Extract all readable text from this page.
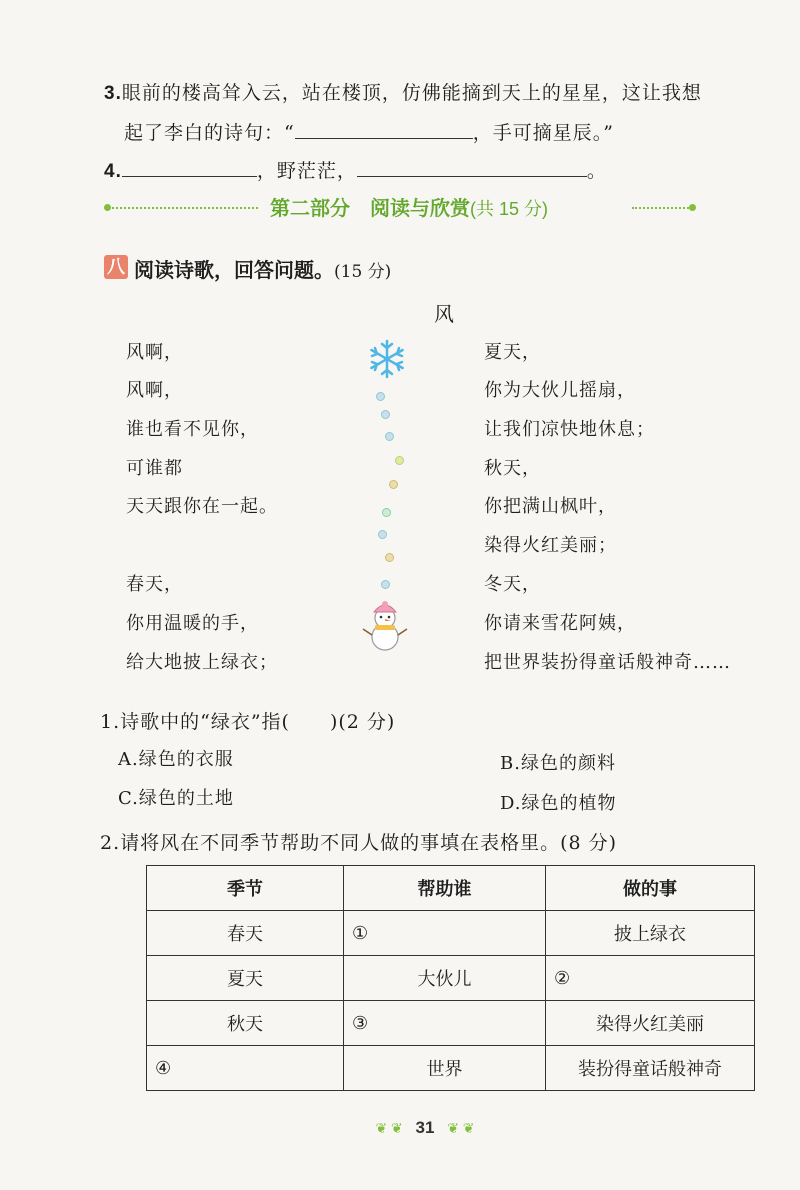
3.眼前的楼高耸入云，站在楼顶，仿佛能摘到天上的星星，这让我想
起了李白的诗句：“	，手可摘星辰。”
4.	，野茫茫，	。
第二部分　阅读与欣赏(共 15 分)
八 阅读诗歌，回答问题。(15 分)
风
风啊，
风啊，
谁也看不见你，
可谁都
天天跟你在一起。
春天，
你用温暖的手，
给大地披上绿衣；
夏天，
你为大伙儿摇扇，
让我们凉快地休息；
秋天，
你把满山枫叶，
染得火红美丽；
冬天，
你请来雪花阿姨，
把世界装扮得童话般神奇……
1.诗歌中的“绿衣”指(　　)(2 分)
A.绿色的衣服	B.绿色的颜料
C.绿色的土地	D.绿色的植物
2.请将风在不同季节帮助不同人做的事填在表格里。(8 分)
季节	帮助谁	做的事
春天	①	披上绿衣
夏天	大伙儿	②
秋天	③	染得火红美丽
④	世界	装扮得童话般神奇
❦ ❦ 31 ❦ ❦
